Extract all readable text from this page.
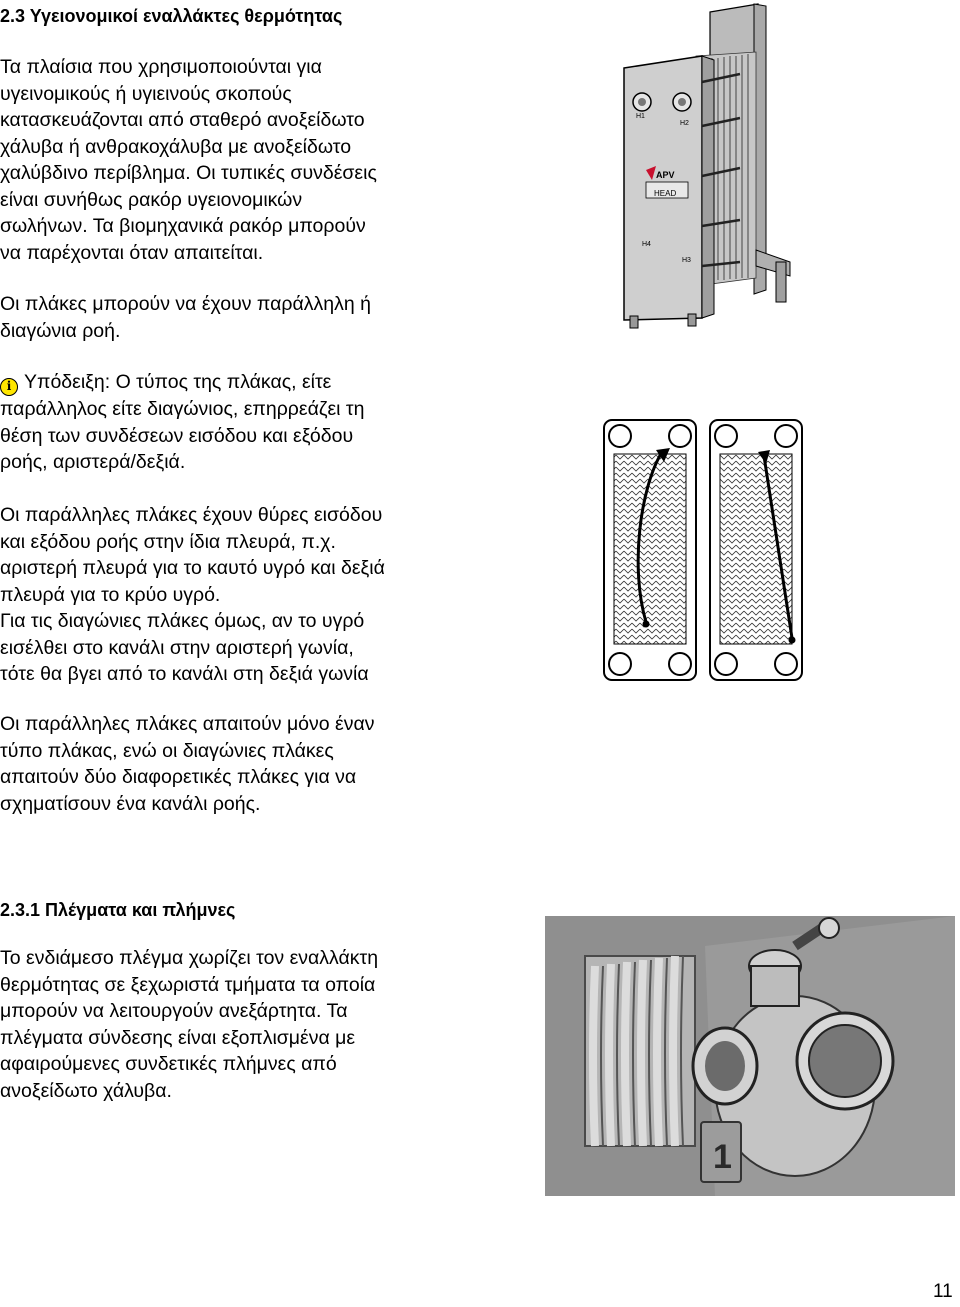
2.3 Υγειονομικοί εναλλάκτες θερμότητας

Τα πλαίσια που χρησιμοποιούνται για
υγεινομικούς ή υγιεινούς σκοπούς
κατασκευάζονται από σταθερό ανοξείδωτο
χάλυβα ή ανθρακοχάλυβα με ανοξείδωτο
χαλύβδινο περίβλημα. Οι τυπικές συνδέσεις
είναι συνήθως ρακόρ υγειονομικών
σωλήνων. Τα βιομηχανικά ρακόρ μπορούν
να παρέχονται όταν απαιτείται.

Οι πλάκες μπορούν να έχουν παράλληλη ή
διαγώνια ροή.

i Υπόδειξη: Ο τύπος της πλάκας, είτε
παράλληλος είτε διαγώνιος, επηρρεάζει τη
θέση των συνδέσεων εισόδου και εξόδου
ροής, αριστερά/δεξιά.

Οι παράλληλες πλάκες έχουν θύρες εισόδου
και εξόδου ροής στην ίδια πλευρά, π.χ.
αριστερή πλευρά για το καυτό υγρό και δεξιά
πλευρά για το κρύο υγρό.
Για τις διαγώνιες πλάκες όμως, αν το υγρό
εισέλθει στο κανάλι στην αριστερή γωνία,
τότε θα βγει από το κανάλι στη δεξιά γωνία

Οι παράλληλες πλάκες απαιτούν μόνο έναν
τύπο πλάκας, ενώ οι διαγώνιες πλάκες
απαιτούν δύο διαφορετικές πλάκες για να
σχηματίσουν ένα κανάλι ροής.

2.3.1 Πλέγματα και πλήμνες

Το ενδιάμεσο πλέγμα χωρίζει τον εναλλάκτη
θερμότητας σε ξεχωριστά τμήματα τα οποία
μπορούν να λειτουργούν ανεξάρτητα. Τα
πλέγματα σύνδεσης είναι εξοπλισμένα με
αφαιρούμενες συνδετικές πλήμνες από
ανοξείδωτο χάλυβα.

H1
H2
H4
H3
APV
HEAD
1
11
